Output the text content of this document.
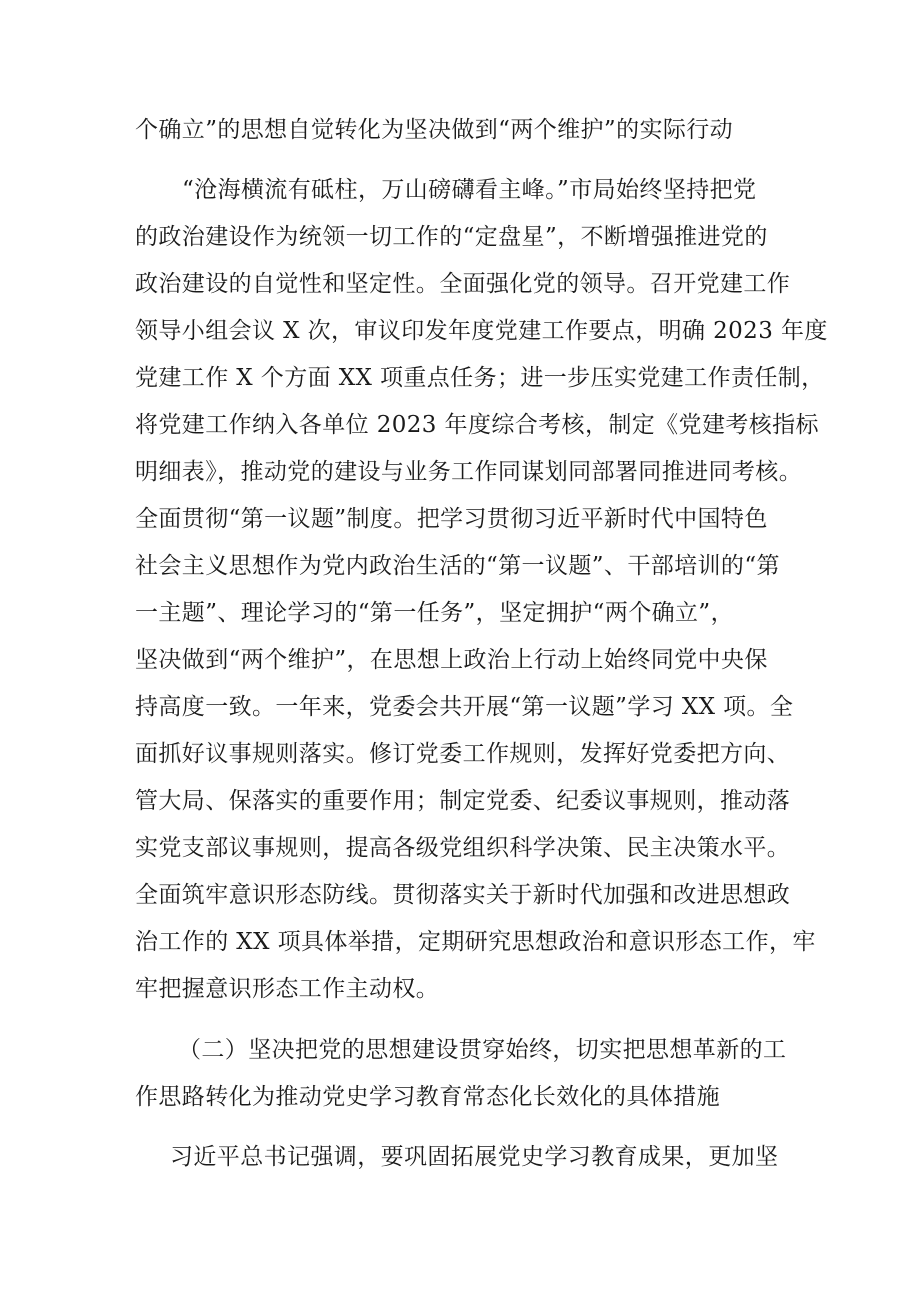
个确立”的思想自觉转化为坚决做到“两个维护”的实际行动
“沧海横流有砥柱，万山磅礴看主峰。”市局始终坚持把党
的政治建设作为统领一切工作的“定盘星”，不断增强推进党的
政治建设的自觉性和坚定性。全面强化党的领导。召开党建工作
领导小组会议 X 次，审议印发年度党建工作要点，明确 2023 年度
党建工作 X 个方面 XX 项重点任务；进一步压实党建工作责任制，
将党建工作纳入各单位 2023 年度综合考核，制定《党建考核指标
明细表》，推动党的建设与业务工作同谋划同部署同推进同考核。
全面贯彻“第一议题”制度。把学习贯彻习近平新时代中国特色
社会主义思想作为党内政治生活的“第一议题”、干部培训的“第
一主题”、理论学习的“第一任务”，坚定拥护“两个确立”，
坚决做到“两个维护”，在思想上政治上行动上始终同党中央保
持高度一致。一年来，党委会共开展“第一议题”学习 XX 项。全
面抓好议事规则落实。修订党委工作规则，发挥好党委把方向、
管大局、保落实的重要作用；制定党委、纪委议事规则，推动落
实党支部议事规则，提高各级党组织科学决策、民主决策水平。
全面筑牢意识形态防线。贯彻落实关于新时代加强和改进思想政
治工作的 XX 项具体举措，定期研究思想政治和意识形态工作，牢
牢把握意识形态工作主动权。
（二）坚决把党的思想建设贯穿始终，切实把思想革新的工
作思路转化为推动党史学习教育常态化长效化的具体措施
习近平总书记强调，要巩固拓展党史学习教育成果，更加坚
